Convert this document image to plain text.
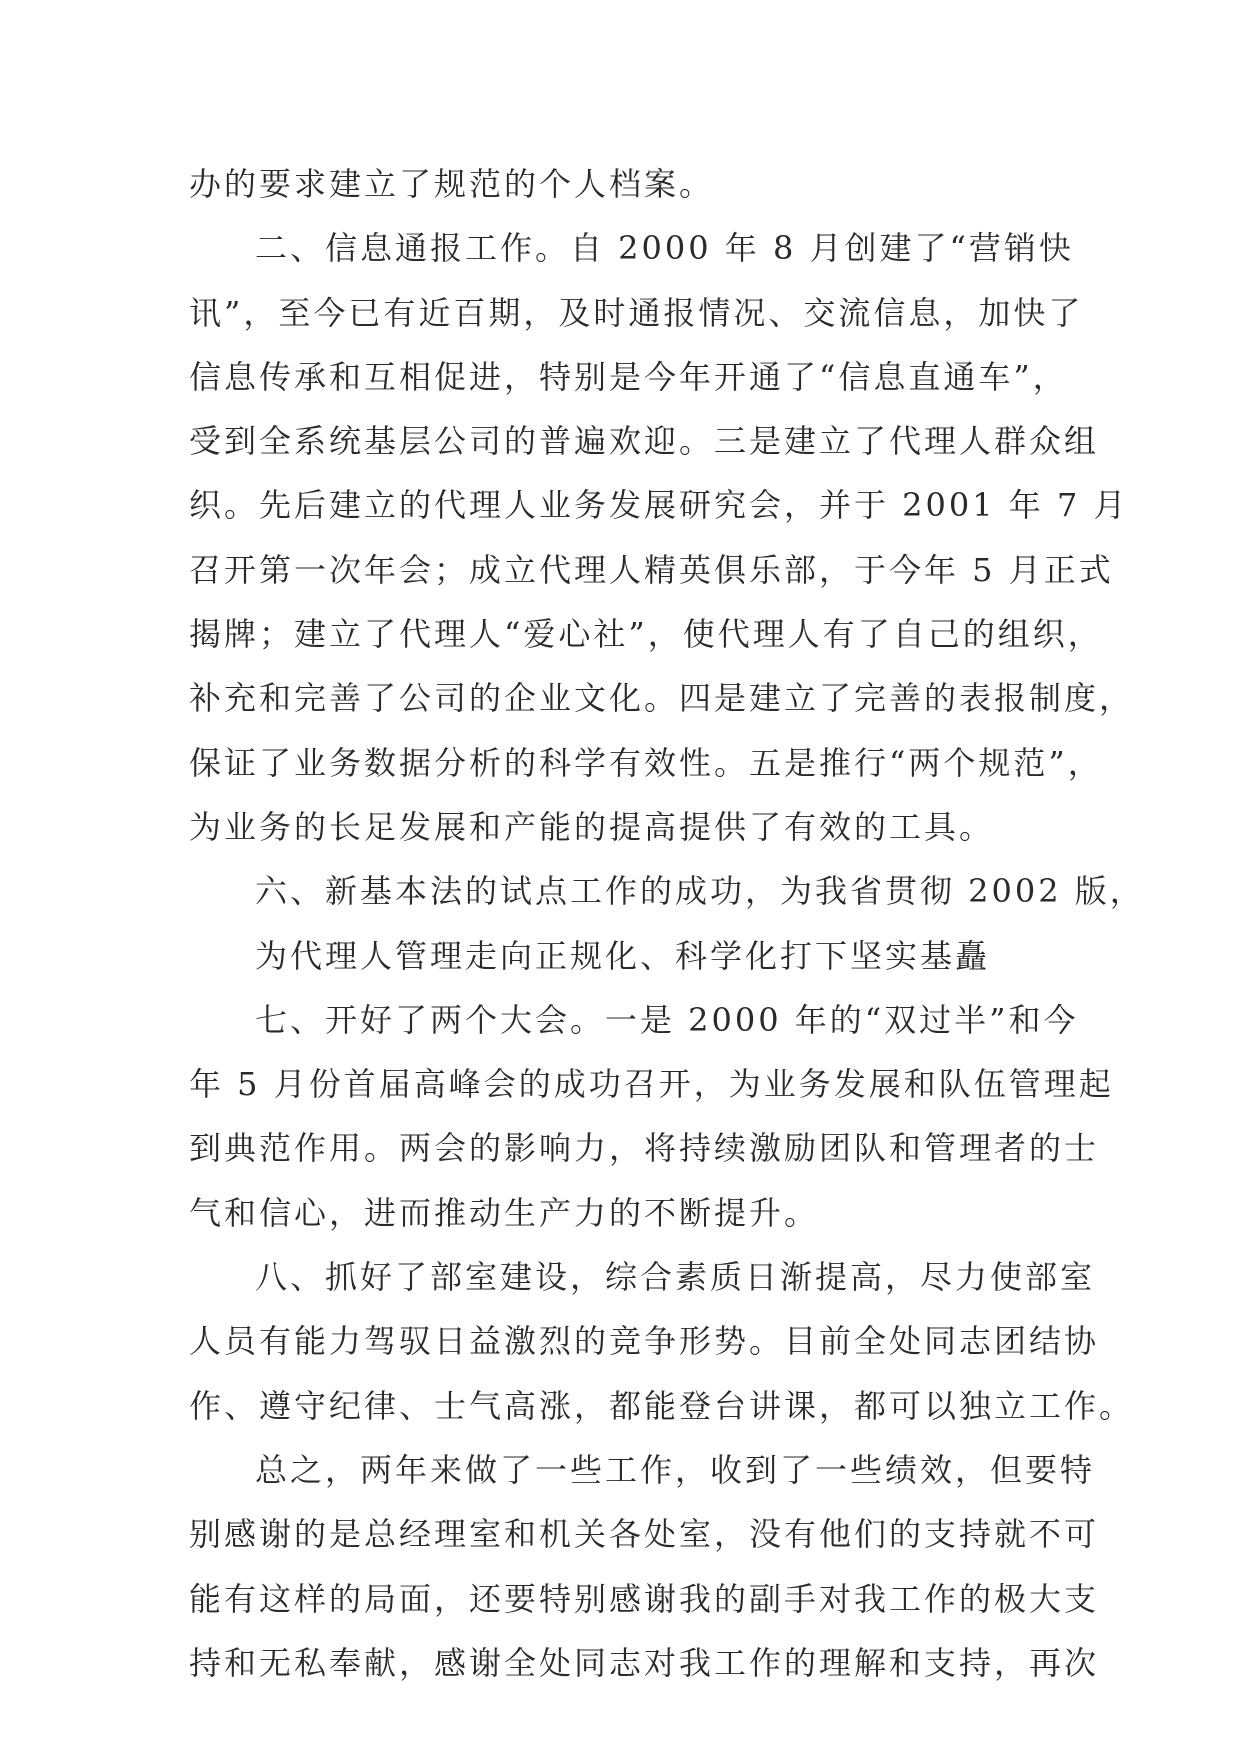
办的要求建立了规范的个人档案。
二、信息通报工作。自 2000 年 8 月创建了“营销快
讯”，至今已有近百期，及时通报情况、交流信息，加快了
信息传承和互相促进，特别是今年开通了“信息直通车”，
受到全系统基层公司的普遍欢迎。三是建立了代理人群众组
织。先后建立的代理人业务发展研究会，并于 2001 年 7 月
召开第一次年会；成立代理人精英俱乐部，于今年 5 月正式
揭牌；建立了代理人“爱心社”，使代理人有了自己的组织，
补充和完善了公司的企业文化。四是建立了完善的表报制度，
保证了业务数据分析的科学有效性。五是推行“两个规范”，
为业务的长足发展和产能的提高提供了有效的工具。
六、新基本法的试点工作的成功，为我省贯彻 2002 版，
为代理人管理走向正规化、科学化打下坚实基矗
七、开好了两个大会。一是 2000 年的“双过半”和今
年 5 月份首届高峰会的成功召开，为业务发展和队伍管理起
到典范作用。两会的影响力，将持续激励团队和管理者的士
气和信心，进而推动生产力的不断提升。
八、抓好了部室建设，综合素质日渐提高，尽力使部室
人员有能力驾驭日益激烈的竞争形势。目前全处同志团结协
作、遵守纪律、士气高涨，都能登台讲课，都可以独立工作。
总之，两年来做了一些工作，收到了一些绩效，但要特
别感谢的是总经理室和机关各处室，没有他们的支持就不可
能有这样的局面，还要特别感谢我的副手对我工作的极大支
持和无私奉献，感谢全处同志对我工作的理解和支持，再次
